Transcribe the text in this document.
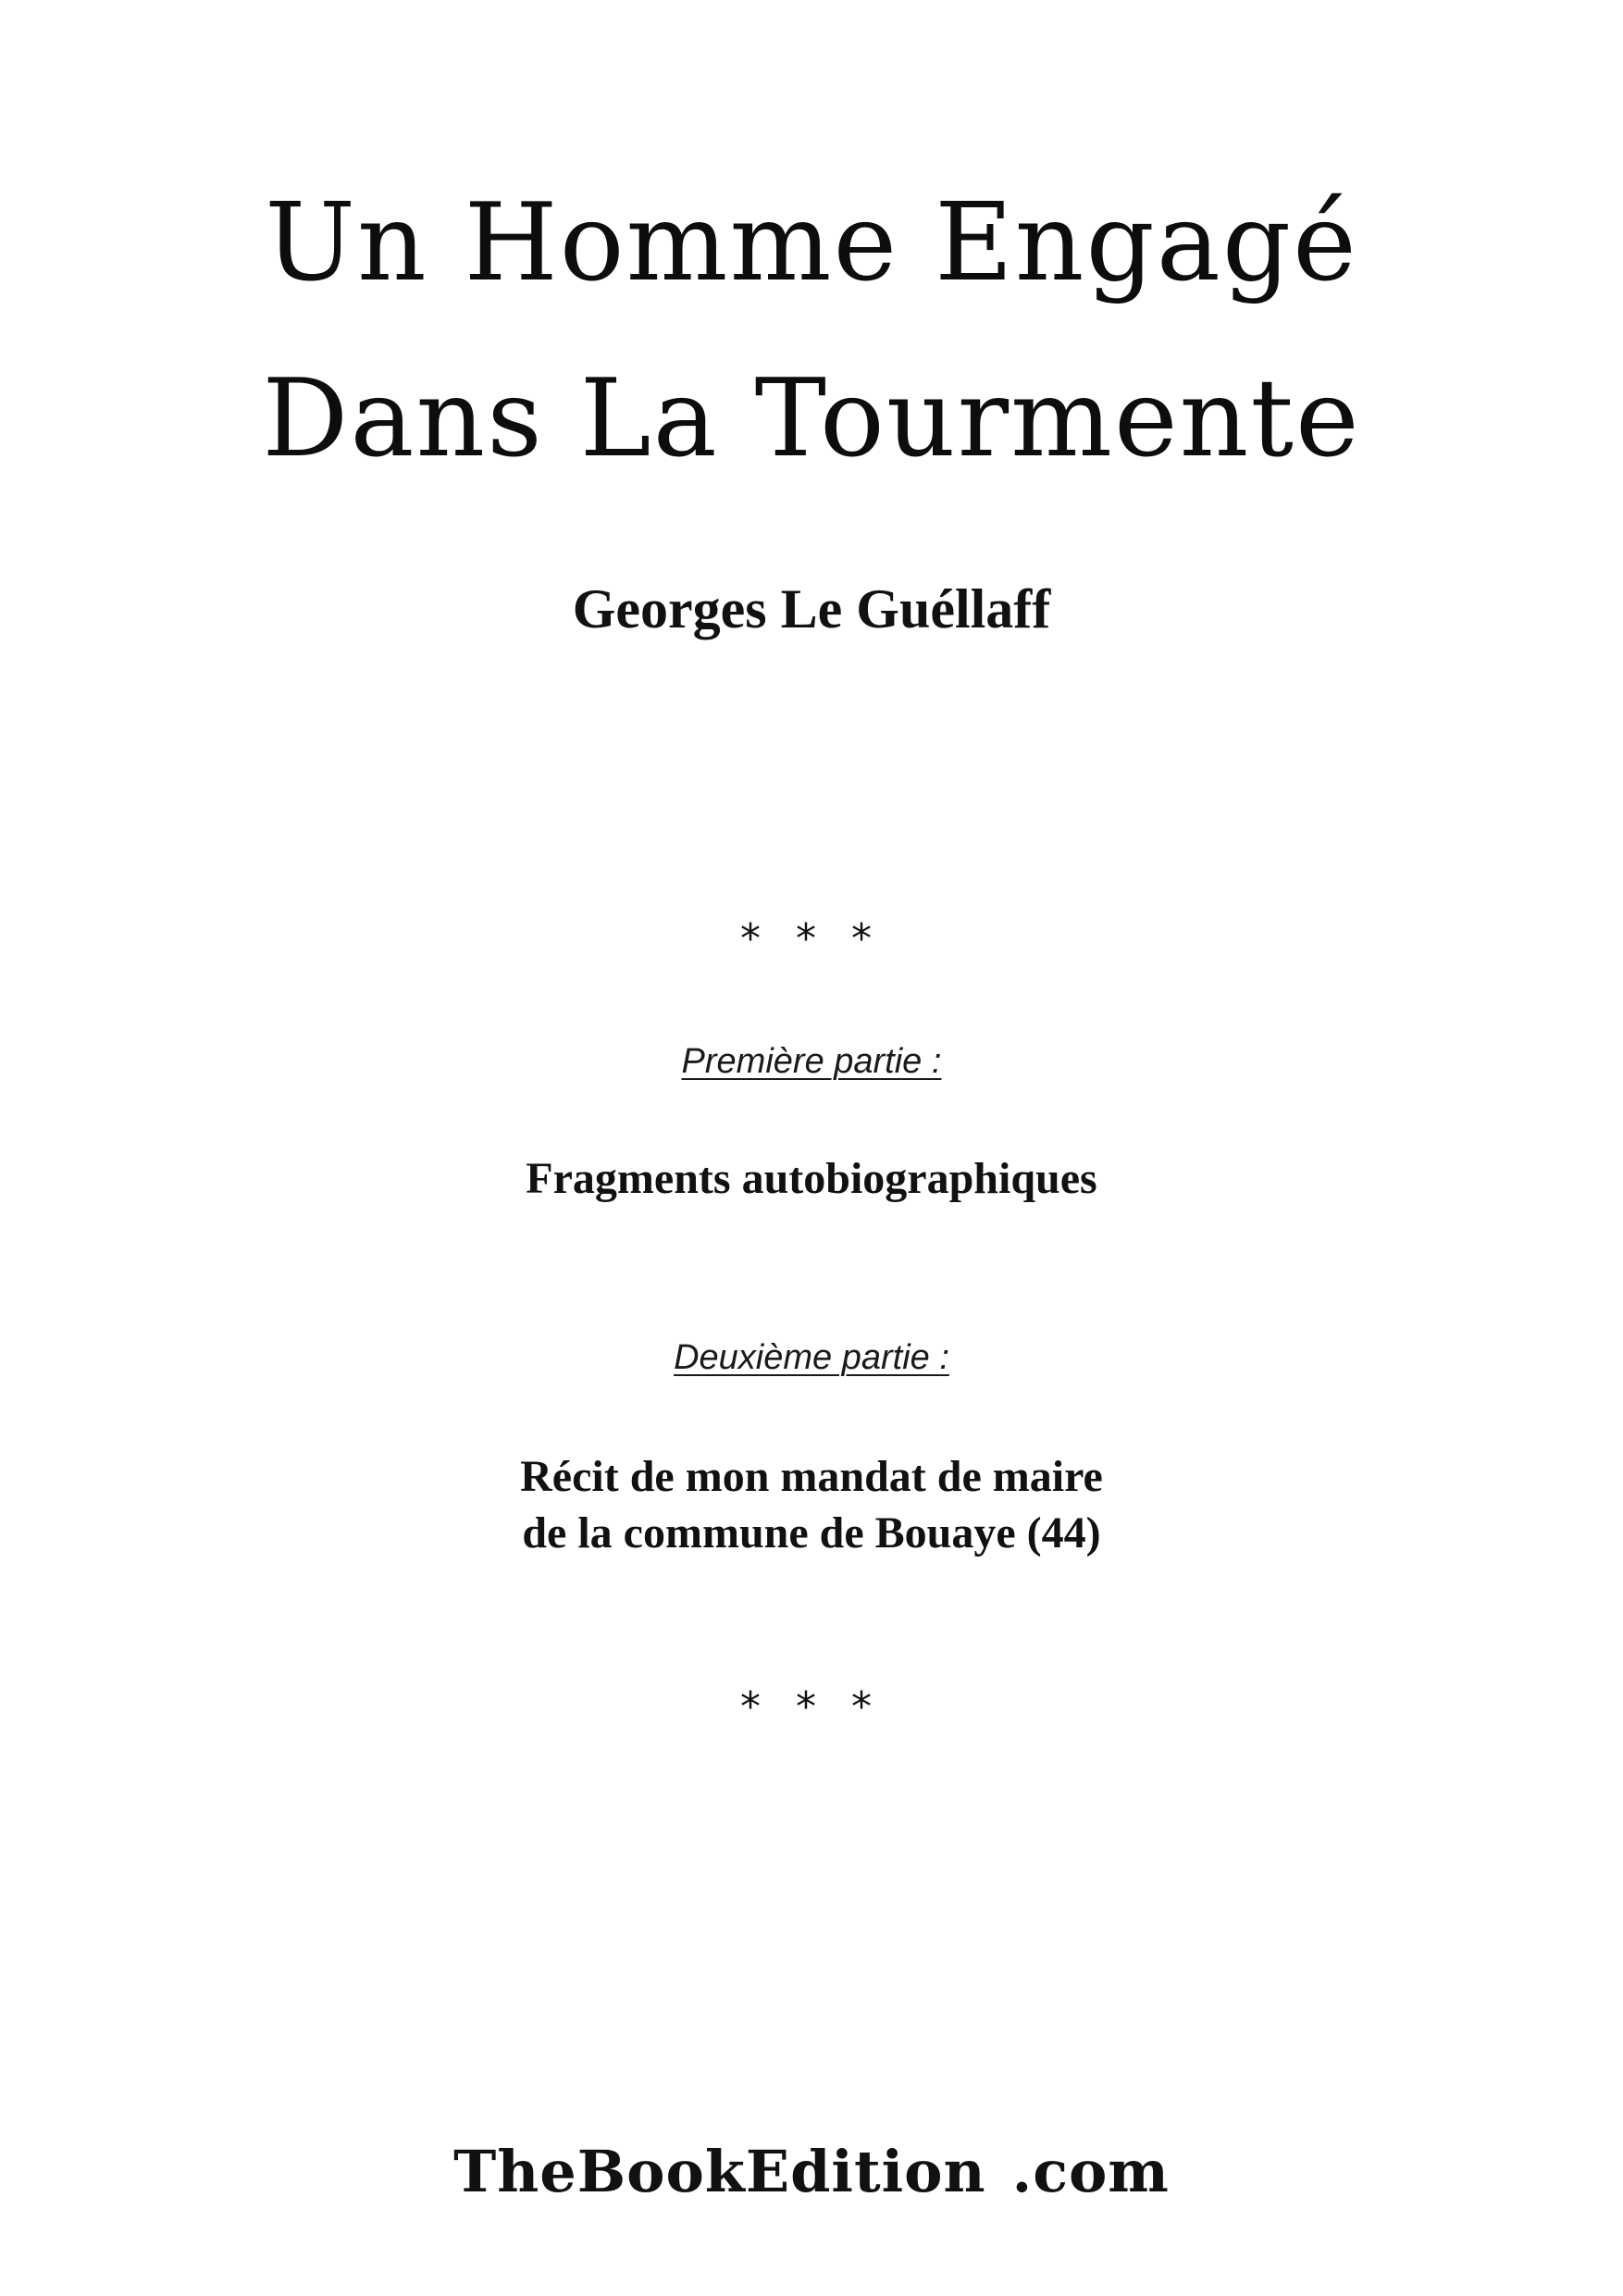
Un Homme Engagé
Dans La Tourmente
Georges Le Guéllaff
* * *
Première partie :
Fragments autobiographiques
Deuxième partie :
Récit de mon mandat de maire
de la commune de Bouaye (44)
* * *
TheBookEdition .com
